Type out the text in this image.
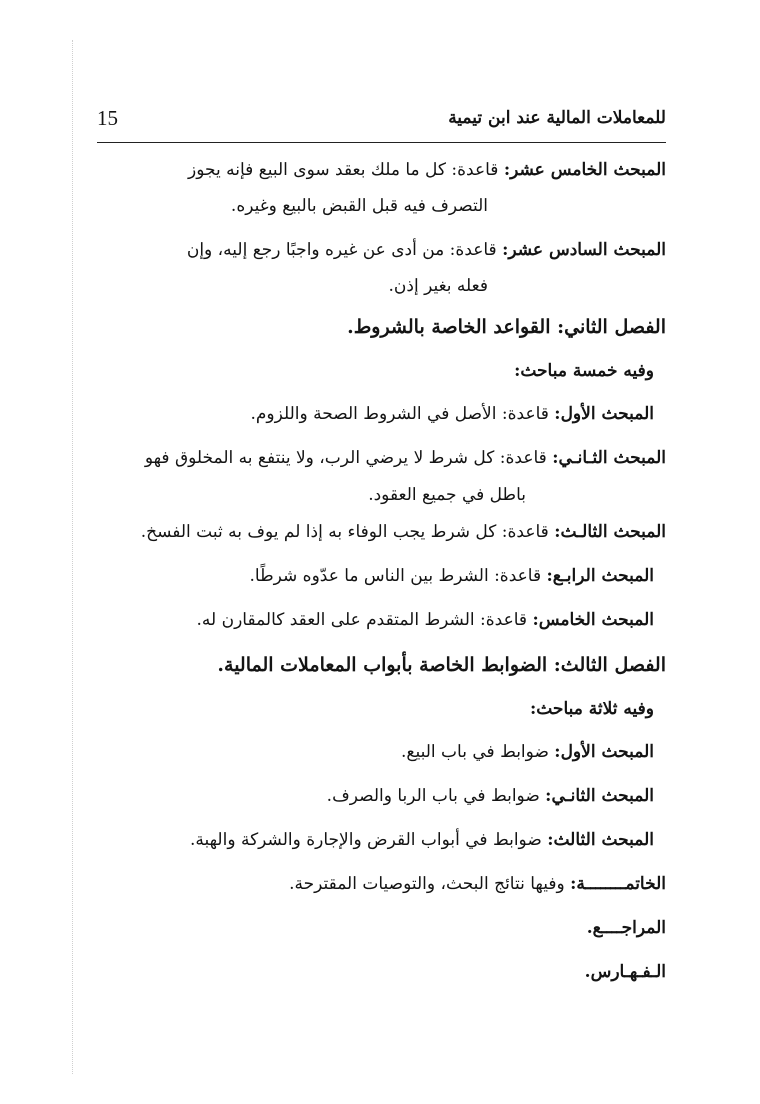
15	للمعاملات المالية عند ابن تيمية
المبحث الخامس عشر: قاعدة: كل ما ملك بعقد سوى البيع فإنه يجوز
التصرف فيه قبل القبض بالبيع وغيره.
المبحث السادس عشر: قاعدة: من أدى عن غيره واجبًا رجع إليه، وإن
فعله بغير إذن.
الفصل الثاني: القواعد الخاصة بالشروط.
وفيه خمسة مباحث:
المبحث الأول: قاعدة: الأصل في الشروط الصحة واللزوم.
المبحث الثـانـي: قاعدة: كل شرط لا يرضي الرب، ولا ينتفع به المخلوق فهو
باطل في جميع العقود.
المبحث الثالـث: قاعدة: كل شرط يجب الوفاء به إذا لم يوف به ثبت الفسخ.
المبحث الرابـع: قاعدة: الشرط بين الناس ما عدّوه شرطًا.
المبحث الخامس: قاعدة: الشرط المتقدم على العقد كالمقارن له.
الفصل الثالث: الضوابط الخاصة بأبواب المعاملات المالية.
وفيه ثلاثة مباحث:
المبحث الأول: ضوابط في باب البيع.
المبحث الثانـي: ضوابط في باب الربا والصرف.
المبحث الثالث: ضوابط في أبواب القرض والإجارة والشركة والهبة.
الخاتمــــــــة: وفيها نتائج البحث، والتوصيات المقترحة.
المراجــــع.
الـفـهـارس.
